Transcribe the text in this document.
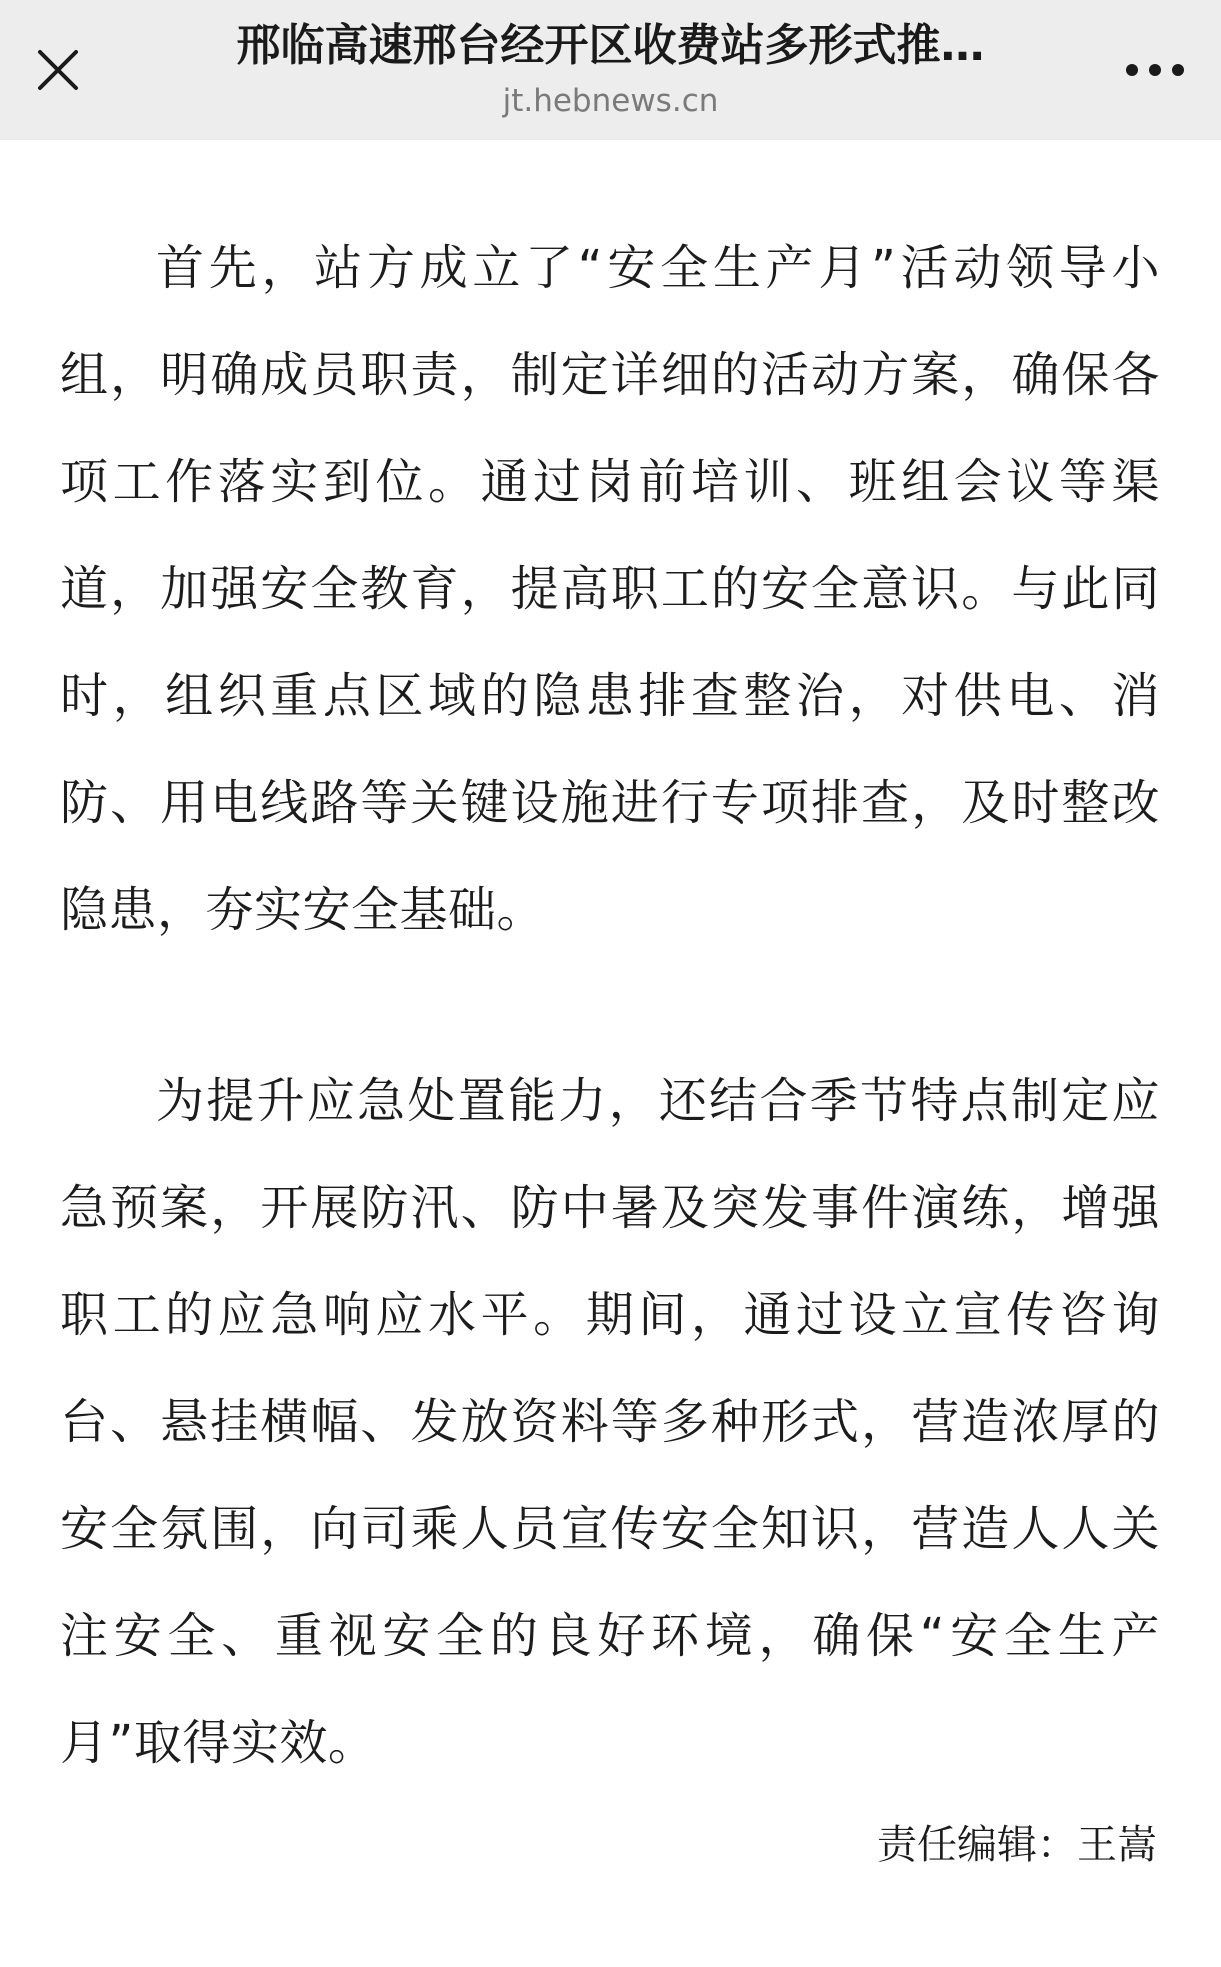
邢临高速邢台经开区收费站多形式推…
jt.hebnews.cn

首先，站方成立了“安全生产月”活动领导小组，明确成员职责，制定详细的活动方案，确保各项工作落实到位。通过岗前培训、班组会议等渠道，加强安全教育，提高职工的安全意识。与此同时，组织重点区域的隐患排查整治，对供电、消防、用电线路等关键设施进行专项排查，及时整改隐患，夯实安全基础。

为提升应急处置能力，还结合季节特点制定应急预案，开展防汛、防中暑及突发事件演练，增强职工的应急响应水平。期间，通过设立宣传咨询台、悬挂横幅、发放资料等多种形式，营造浓厚的安全氛围，向司乘人员宣传安全知识，营造人人关注安全、重视安全的良好环境，确保“安全生产月”取得实效。

责任编辑：王嵩
